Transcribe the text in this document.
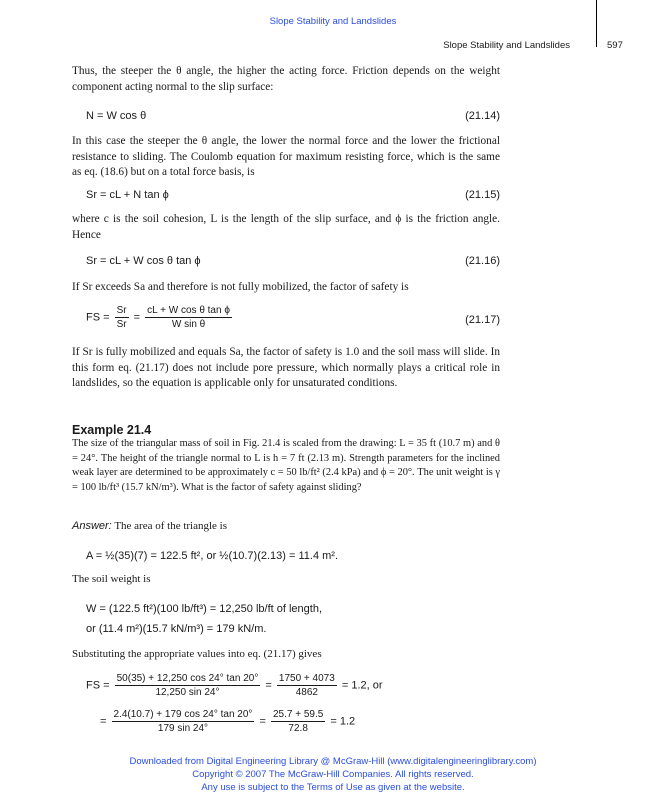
Slope Stability and Landslides
Slope Stability and Landslides	597
Thus, the steeper the θ angle, the higher the acting force. Friction depends on the weight component acting normal to the slip surface:
N = W cos θ	(21.14)
In this case the steeper the θ angle, the lower the normal force and the lower the frictional resistance to sliding. The Coulomb equation for maximum resisting force, which is the same as eq. (18.6) but on a total force basis, is
Sr = cL + N tan ϕ	(21.15)
where c is the soil cohesion, L is the length of the slip surface, and ϕ is the friction angle. Hence
Sr = cL + W cos θ tan ϕ	(21.16)
If Sr exceeds Sa and therefore is not fully mobilized, the factor of safety is
FS = $\frac{Sr}{Sr} = \frac{\text{cL + W cos θ tan ϕ}}{\text{W sin θ}}$	(21.17)
If Sr is fully mobilized and equals Sa, the factor of safety is 1.0 and the soil mass will slide. In this form eq. (21.17) does not include pore pressure, which normally plays a critical role in landslides, so the equation is applicable only for unsaturated conditions.
Example 21.4
The size of the triangular mass of soil in Fig. 21.4 is scaled from the drawing: L = 35 ft (10.7 m) and θ = 24°. The height of the triangle normal to L is h = 7 ft (2.13 m). Strength parameters for the inclined weak layer are determined to be approximately c = 50 lb/ft² (2.4 kPa) and ϕ = 20°. The unit weight is γ = 100 lb/ft³ (15.7 kN/m³). What is the factor of safety against sliding?
Answer: The area of the triangle is
A = ½(35)(7) = 122.5 ft², or ½(10.7)(2.13) = 11.4 m².
The soil weight is
W = (122.5 ft²)(100 lb/ft³) = 12,250 lb/ft of length,
or (11.4 m²)(15.7 kN/m³) = 179 kN/m.
Substituting the appropriate values into eq. (21.17) gives
FS = $\frac{50(35) + 12,250 \cos 24^\circ \tan 20^\circ}{12,250 \sin 24^\circ} = \frac{1750 + 4073}{4862} = 1.2$, or
= $\frac{2.4(10.7) + 179 \cos 24^\circ \tan 20^\circ}{179 \sin 24^\circ} = \frac{25.7 + 59.5}{72.8} = 1.2$
Downloaded from Digital Engineering Library @ McGraw-Hill (www.digitalengineeringlibrary.com)
Copyright © 2007 The McGraw-Hill Companies. All rights reserved.
Any use is subject to the Terms of Use as given at the website.
